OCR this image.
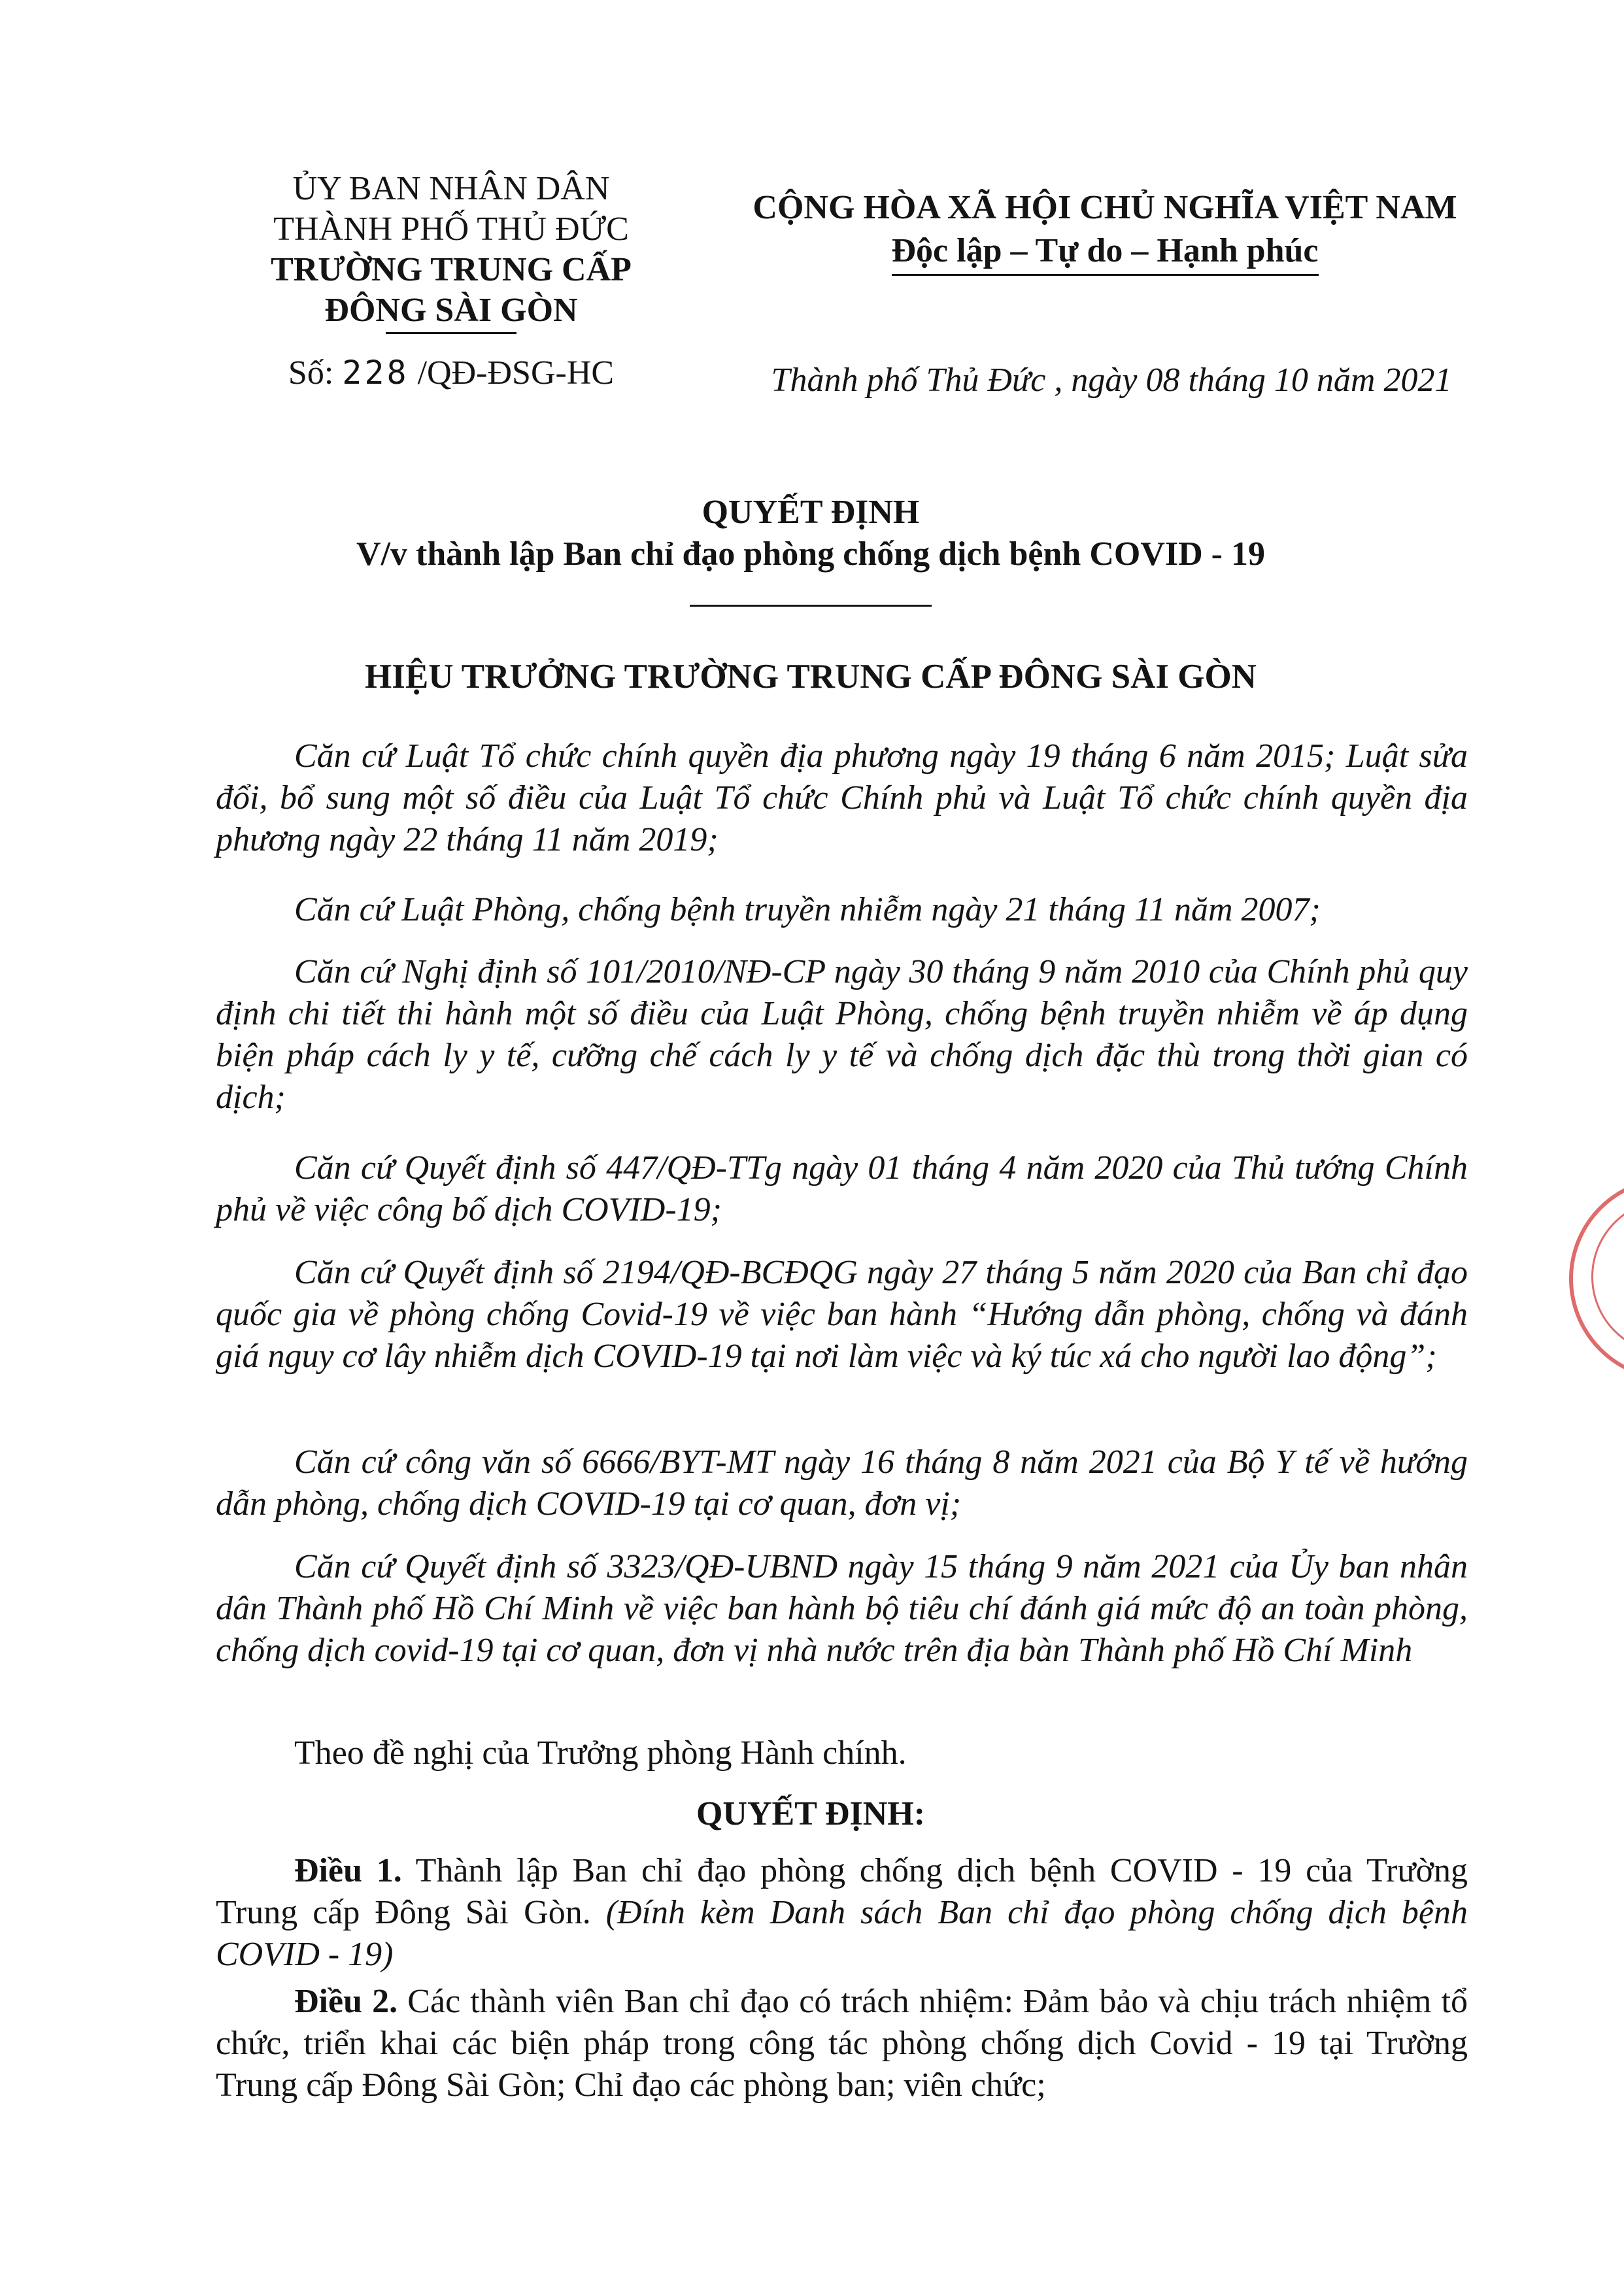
ỦY BAN NHÂN DÂN
THÀNH PHỐ THỦ ĐỨC
TRƯỜNG TRUNG CẤP
ĐÔNG SÀI GÒN
Số: 228 /QĐ-ĐSG-HC
CỘNG HÒA XÃ HỘI CHỦ NGHĨA VIỆT NAM
Độc lập – Tự do – Hạnh phúc
Thành phố Thủ Đức , ngày 08 tháng 10 năm 2021
QUYẾT ĐỊNH
V/v thành lập Ban chỉ đạo phòng chống dịch bệnh COVID - 19
HIỆU TRƯỞNG TRƯỜNG TRUNG CẤP ĐÔNG SÀI GÒN
Căn cứ Luật Tổ chức chính quyền địa phương ngày 19 tháng 6 năm 2015; Luật sửa đổi, bổ sung một số điều của Luật Tổ chức Chính phủ và Luật Tổ chức chính quyền địa phương ngày 22 tháng 11 năm 2019;
Căn cứ Luật Phòng, chống bệnh truyền nhiễm ngày 21 tháng 11 năm 2007;
Căn cứ Nghị định số 101/2010/NĐ-CP ngày 30 tháng 9 năm 2010 của Chính phủ quy định chi tiết thi hành một số điều của Luật Phòng, chống bệnh truyền nhiễm về áp dụng biện pháp cách ly y tế, cưỡng chế cách ly y tế và chống dịch đặc thù trong thời gian có dịch;
Căn cứ Quyết định số 447/QĐ-TTg ngày 01 tháng 4 năm 2020 của Thủ tướng Chính phủ về việc công bố dịch COVID-19;
Căn cứ Quyết định số 2194/QĐ-BCĐQG ngày 27 tháng 5 năm 2020 của Ban chỉ đạo quốc gia về phòng chống Covid-19 về việc ban hành “Hướng dẫn phòng, chống và đánh giá nguy cơ lây nhiễm dịch COVID-19 tại nơi làm việc và ký túc xá cho người lao động”;
Căn cứ công văn số 6666/BYT-MT ngày 16 tháng 8 năm 2021 của Bộ Y tế về hướng dẫn phòng, chống dịch COVID-19 tại cơ quan, đơn vị;
Căn cứ Quyết định số 3323/QĐ-UBND ngày 15 tháng 9 năm 2021 của Ủy ban nhân dân Thành phố Hồ Chí Minh về việc ban hành bộ tiêu chí đánh giá mức độ an toàn phòng, chống dịch covid-19 tại cơ quan, đơn vị nhà nước trên địa bàn Thành phố Hồ Chí Minh
Theo đề nghị của Trưởng phòng Hành chính.
QUYẾT ĐỊNH:
Điều 1. Thành lập Ban chỉ đạo phòng chống dịch bệnh COVID - 19 của Trường Trung cấp Đông Sài Gòn. (Đính kèm Danh sách Ban chỉ đạo phòng chống dịch bệnh COVID - 19)
Điều 2. Các thành viên Ban chỉ đạo có trách nhiệm: Đảm bảo và chịu trách nhiệm tổ chức, triển khai các biện pháp trong công tác phòng chống dịch Covid - 19 tại Trường Trung cấp Đông Sài Gòn; Chỉ đạo các phòng ban; viên chức;
